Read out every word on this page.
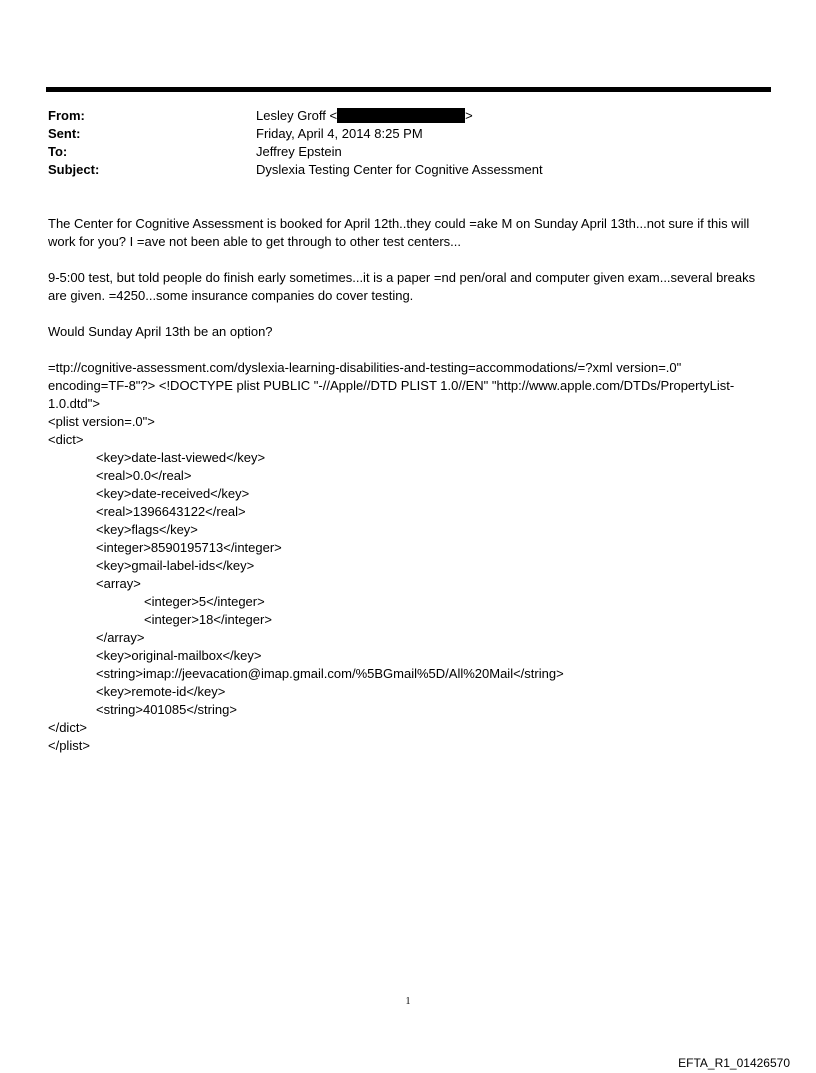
From:	Lesley Groff <	>
Sent:	Friday, April 4, 2014 8:25 PM
To:	Jeffrey Epstein
Subject:	Dyslexia Testing Center for Cognitive Assessment

The Center for Cognitive Assessment is booked for April 12th..they could =ake M on Sunday April 13th...not sure if this will work for you? I =ave not been able to get through to other test centers...

9-5:00 test, but told people do finish early sometimes...it is a paper =nd pen/oral and computer given exam...several breaks are given. =4250...some insurance companies do cover testing.

Would Sunday April 13th be an option?

=ttp://cognitive-assessment.com/dyslexia-learning-disabilities-and-testing=accommodations/=?xml version=.0" encoding=TF-8"?> <!DOCTYPE plist PUBLIC "-//Apple//DTD PLIST 1.0//EN" "http://www.apple.com/DTDs/PropertyList-1.0.dtd">

<plist version=.0">
<dict>
<key>date-last-viewed</key>
<real>0.0</real>
<key>date-received</key>
<real>1396643122</real>
<key>flags</key>
<integer>8590195713</integer>
<key>gmail-label-ids</key>
<array>
<integer>5</integer>
<integer>18</integer>
</array>
<key>original-mailbox</key>
<string>imap://jeevacation@imap.gmail.com/%5BGmail%5D/All%20Mail</string>
<key>remote-id</key>
<string>401085</string>
</dict>
</plist>
1
EFTA_R1_01426570
